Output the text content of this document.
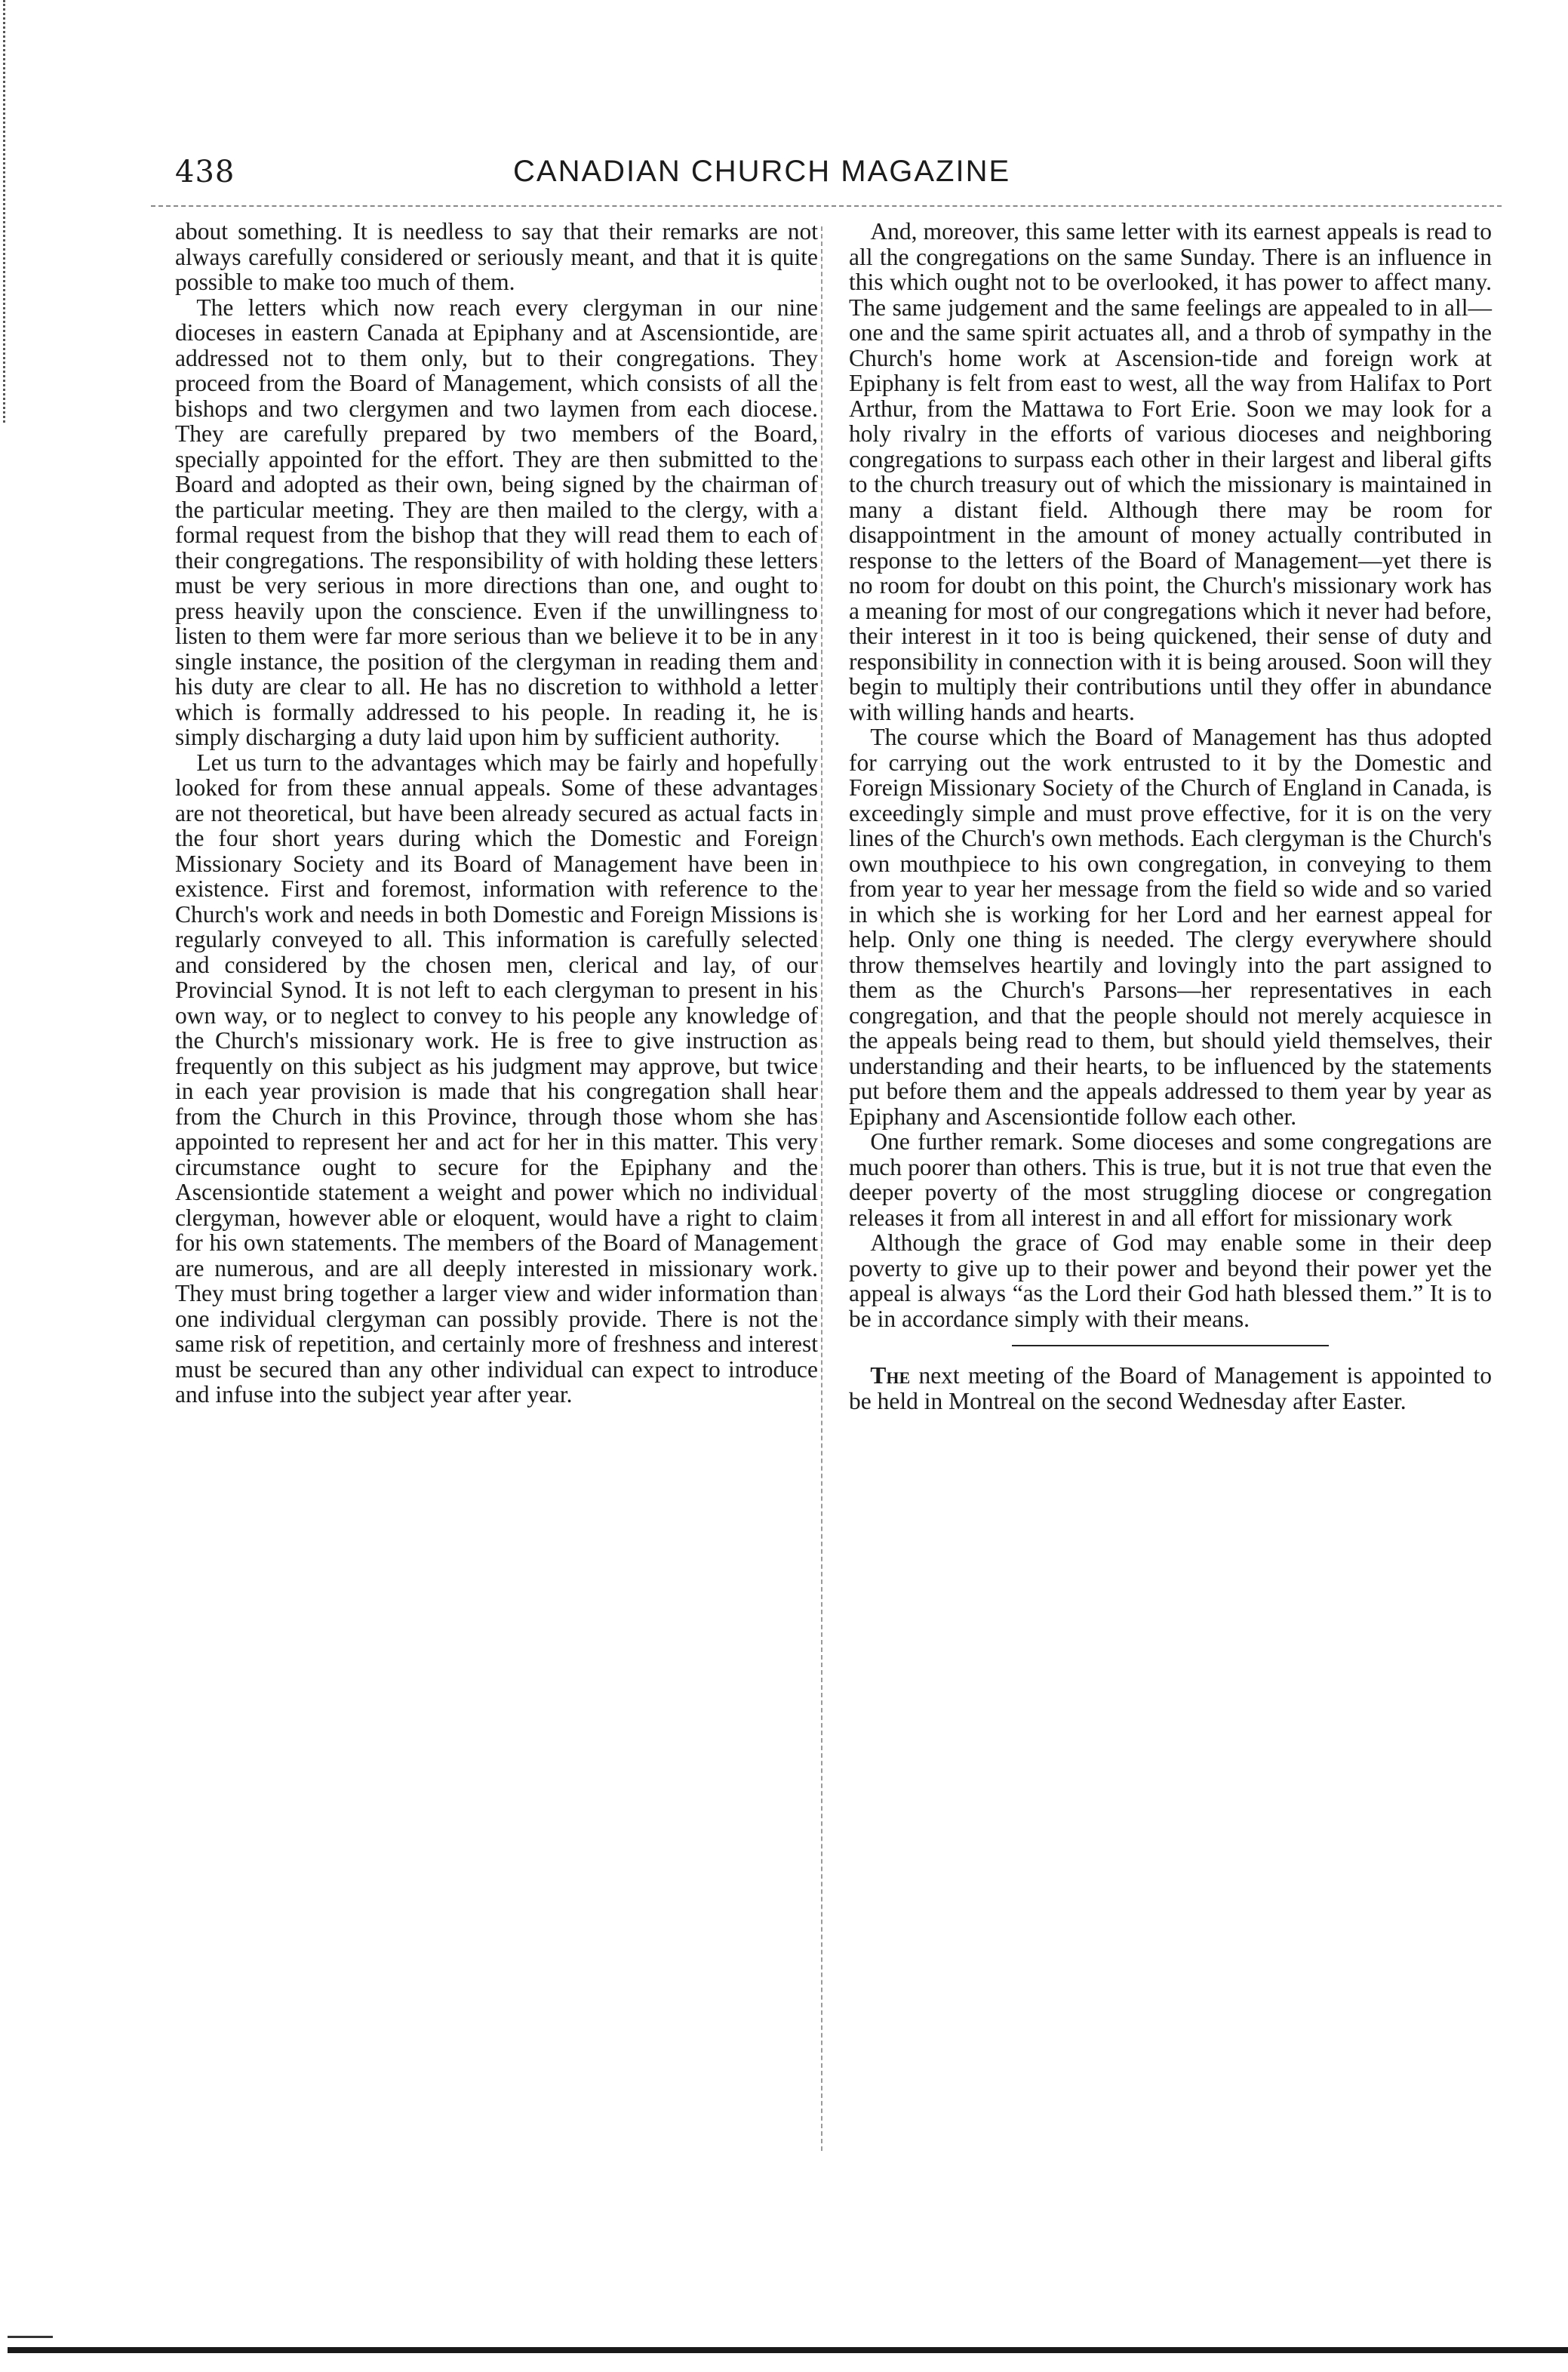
438	CANADIAN CHURCH MAGAZINE

about something. It is needless to say that their remarks are not always carefully considered or seriously meant, and that it is quite possible to make too much of them.

The letters which now reach every clergyman in our nine dioceses in eastern Canada at Epiphany and at Ascensiontide, are addressed not to them only, but to their congregations. They proceed from the Board of Management, which consists of all the bishops and two clergymen and two laymen from each diocese. They are carefully prepared by two members of the Board, specially appointed for the effort. They are then submitted to the Board and adopted as their own, being signed by the chairman of the particular meeting. They are then mailed to the clergy, with a formal request from the bishop that they will read them to each of their congregations. The responsibility of with holding these letters must be very serious in more directions than one, and ought to press heavily upon the conscience. Even if the unwillingness to listen to them were far more serious than we believe it to be in any single instance, the position of the clergyman in reading them and his duty are clear to all. He has no discretion to withhold a letter which is formally addressed to his people. In reading it, he is simply discharging a duty laid upon him by sufficient authority.

Let us turn to the advantages which may be fairly and hopefully looked for from these annual appeals. Some of these advantages are not theoretical, but have been already secured as actual facts in the four short years during which the Domestic and Foreign Missionary Society and its Board of Management have been in existence. First and foremost, information with reference to the Church's work and needs in both Domestic and Foreign Missions is regularly conveyed to all. This information is carefully selected and considered by the chosen men, clerical and lay, of our Provincial Synod. It is not left to each clergyman to present in his own way, or to neglect to convey to his people any knowledge of the Church's missionary work. He is free to give instruction as frequently on this subject as his judgment may approve, but twice in each year provision is made that his congregation shall hear from the Church in this Province, through those whom she has appointed to represent her and act for her in this matter. This very circumstance ought to secure for the Epiphany and the Ascensiontide statement a weight and power which no individual clergyman, however able or eloquent, would have a right to claim for his own statements. The members of the Board of Management are numerous, and are all deeply interested in missionary work. They must bring together a larger view and wider information than one individual clergyman can possibly provide. There is not the same risk of repetition, and certainly more of freshness and interest must be secured than any other individual can expect to introduce and infuse into the subject year after year.

And, moreover, this same letter with its earnest appeals is read to all the congregations on the same Sunday. There is an influence in this which ought not to be overlooked, it has power to affect many. The same judgement and the same feelings are appealed to in all—one and the same spirit actuates all, and a throb of sympathy in the Church's home work at Ascension-tide and foreign work at Epiphany is felt from east to west, all the way from Halifax to Port Arthur, from the Mattawa to Fort Erie. Soon we may look for a holy rivalry in the efforts of various dioceses and neighboring congregations to surpass each other in their largest and liberal gifts to the church treasury out of which the missionary is maintained in many a distant field. Although there may be room for disappointment in the amount of money actually contributed in response to the letters of the Board of Management—yet there is no room for doubt on this point, the Church's missionary work has a meaning for most of our congregations which it never had before, their interest in it too is being quickened, their sense of duty and responsibility in connection with it is being aroused. Soon will they begin to multiply their contributions until they offer in abundance with willing hands and hearts.

The course which the Board of Management has thus adopted for carrying out the work entrusted to it by the Domestic and Foreign Missionary Society of the Church of England in Canada, is exceedingly simple and must prove effective, for it is on the very lines of the Church's own methods. Each clergyman is the Church's own mouthpiece to his own congregation, in conveying to them from year to year her message from the field so wide and so varied in which she is working for her Lord and her earnest appeal for help. Only one thing is needed. The clergy everywhere should throw themselves heartily and lovingly into the part assigned to them as the Church's Parsons—her representatives in each congregation, and that the people should not merely acquiesce in the appeals being read to them, but should yield themselves, their understanding and their hearts, to be influenced by the statements put before them and the appeals addressed to them year by year as Epiphany and Ascensiontide follow each other.

One further remark. Some dioceses and some congregations are much poorer than others. This is true, but it is not true that even the deeper poverty of the most struggling diocese or congregation releases it from all interest in and all effort for missionary work

Although the grace of God may enable some in their deep poverty to give up to their power and beyond their power yet the appeal is always “as the Lord their God hath blessed them.” It is to be in accordance simply with their means.

The next meeting of the Board of Management is appointed to be held in Montreal on the second Wednesday after Easter.
